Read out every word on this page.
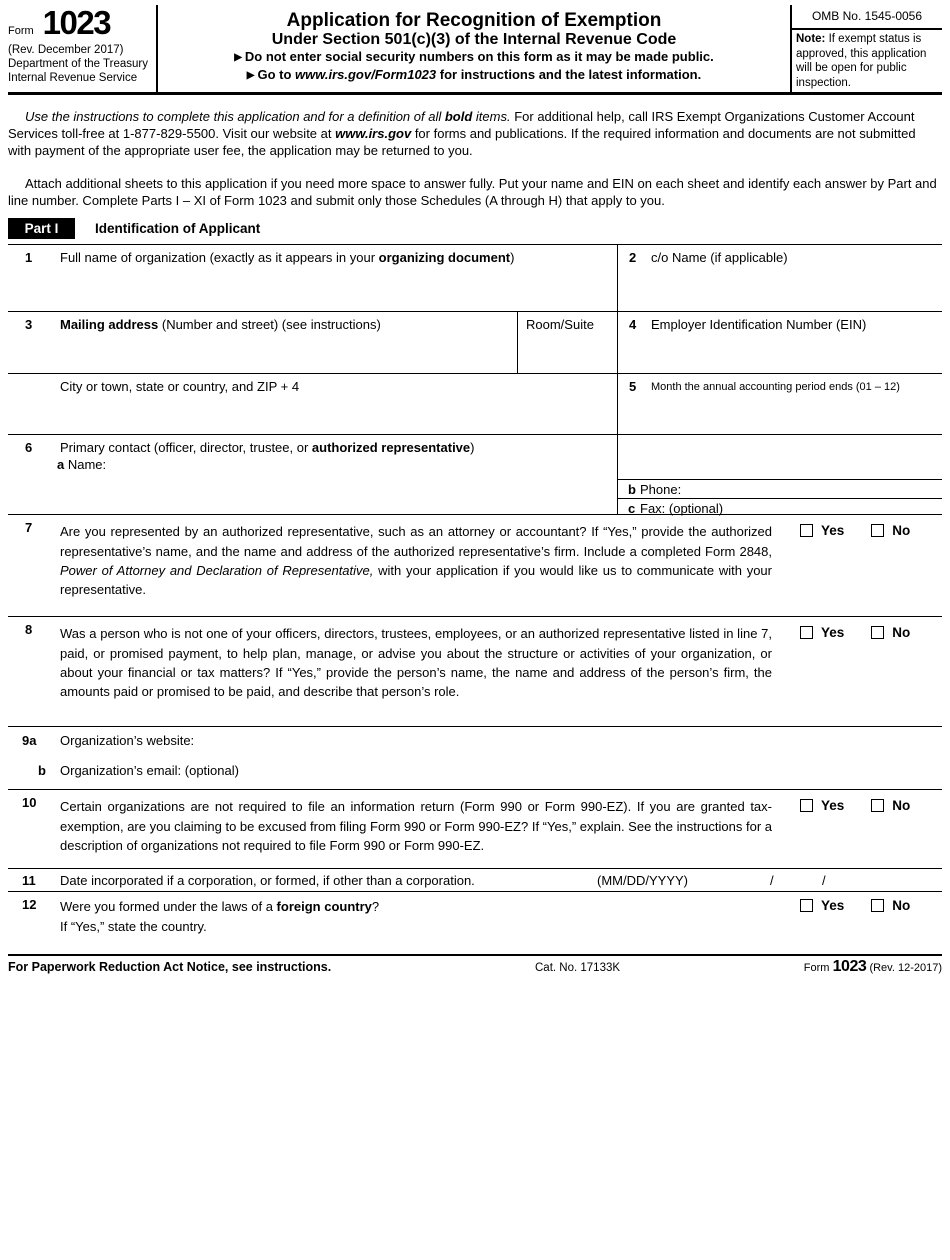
Form 1023
(Rev. December 2017)
Department of the Treasury
Internal Revenue Service
Application for Recognition of Exemption
Under Section 501(c)(3) of the Internal Revenue Code
▶ Do not enter social security numbers on this form as it may be made public.
▶ Go to www.irs.gov/Form1023 for instructions and the latest information.
OMB No. 1545-0056
Note: If exempt status is approved, this application will be open for public inspection.

Use the instructions to complete this application and for a definition of all bold items. For additional help, call IRS Exempt Organizations Customer Account Services toll-free at 1-877-829-5500. Visit our website at www.irs.gov for forms and publications. If the required information and documents are not submitted with payment of the appropriate user fee, the application may be returned to you.

Attach additional sheets to this application if you need more space to answer fully. Put your name and EIN on each sheet and identify each answer by Part and line number. Complete Parts I – XI of Form 1023 and submit only those Schedules (A through H) that apply to you.

Part I	Identification of Applicant
1	Full name of organization (exactly as it appears in your organizing document)	2	c/o Name (if applicable)
3	Mailing address (Number and street) (see instructions)	Room/Suite	4	Employer Identification Number (EIN)
City or town, state or country, and ZIP + 4	5	Month the annual accounting period ends (01 – 12)
6	Primary contact (officer, director, trustee, or authorized representative)
a Name:
b Phone:
c Fax: (optional)
7	Are you represented by an authorized representative, such as an attorney or accountant? If “Yes,” provide the authorized representative’s name, and the name and address of the authorized representative’s firm. Include a completed Form 2848, Power of Attorney and Declaration of Representative, with your application if you would like us to communicate with your representative.
Yes	No
8	Was a person who is not one of your officers, directors, trustees, employees, or an authorized representative listed in line 7, paid, or promised payment, to help plan, manage, or advise you about the structure or activities of your organization, or about your financial or tax matters? If “Yes,” provide the person’s name, the name and address of the person’s firm, the amounts paid or promised to be paid, and describe that person’s role.
Yes	No
9a	Organization’s website:
b	Organization’s email: (optional)
10	Certain organizations are not required to file an information return (Form 990 or Form 990-EZ). If you are granted tax-exemption, are you claiming to be excused from filing Form 990 or Form 990-EZ? If “Yes,” explain. See the instructions for a description of organizations not required to file Form 990 or Form 990-EZ.
Yes	No
11	Date incorporated if a corporation, or formed, if other than a corporation.	(MM/DD/YYYY)	/	/
12	Were you formed under the laws of a foreign country?
If “Yes,” state the country.
Yes	No
For Paperwork Reduction Act Notice, see instructions.	Cat. No. 17133K	Form 1023 (Rev. 12-2017)
